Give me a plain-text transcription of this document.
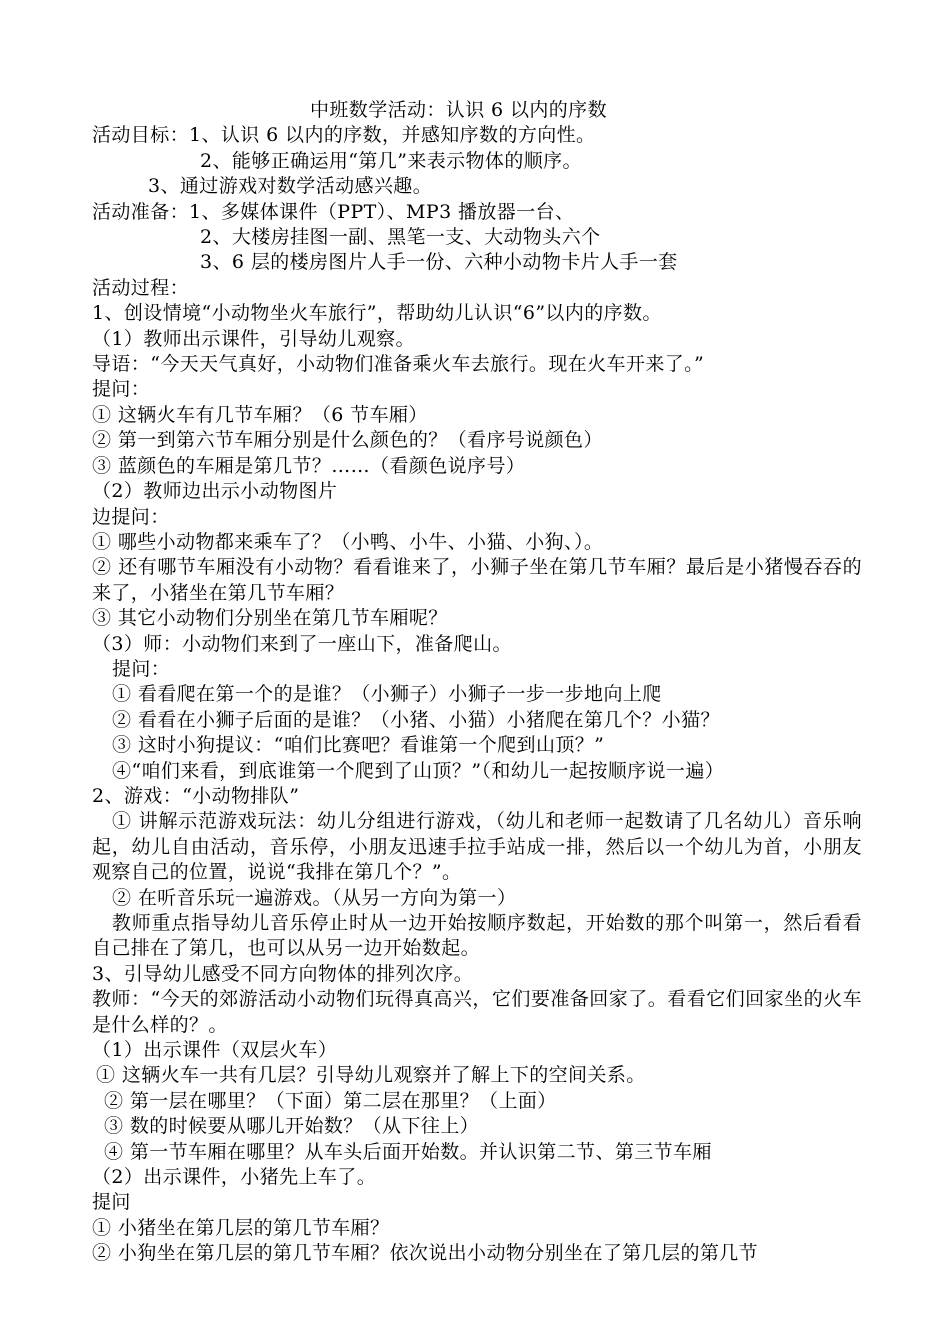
中班数学活动：认识 6 以内的序数
活动目标：1、认识 6 以内的序数，并感知序数的方向性。
2、能够正确运用“第几”来表示物体的顺序。
3、通过游戏对数学活动感兴趣。
活动准备：1、多媒体课件（PPT）、MP3 播放器一台、
2、大楼房挂图一副、黑笔一支、大动物头六个
3、6 层的楼房图片人手一份、六种小动物卡片人手一套
活动过程：
1、创设情境“小动物坐火车旅行”，帮助幼儿认识“6”以内的序数。
（1）教师出示课件，引导幼儿观察。
导语：“今天天气真好，小动物们准备乘火车去旅行。现在火车开来了。”
提问：
① 这辆火车有几节车厢？（6 节车厢）
② 第一到第六节车厢分别是什么颜色的？（看序号说颜色）
③ 蓝颜色的车厢是第几节？……（看颜色说序号）
（2）教师边出示小动物图片
边提问：
① 哪些小动物都来乘车了？（小鸭、小牛、小猫、小狗、）。
② 还有哪节车厢没有小动物？看看谁来了，小狮子坐在第几节车厢？最后是小猪慢吞吞的来了，小猪坐在第几节车厢？
③ 其它小动物们分别坐在第几节车厢呢？
（3）师：小动物们来到了一座山下，准备爬山。
提问：
① 看看爬在第一个的是谁？（小狮子）小狮子一步一步地向上爬
② 看看在小狮子后面的是谁？（小猪、小猫）小猪爬在第几个？小猫？
③ 这时小狗提议：“咱们比赛吧？看谁第一个爬到山顶？”
④“咱们来看，到底谁第一个爬到了山顶？”（和幼儿一起按顺序说一遍）
2、游戏：“小动物排队”
① 讲解示范游戏玩法：幼儿分组进行游戏，（幼儿和老师一起数请了几名幼儿）音乐响起，幼儿自由活动，音乐停，小朋友迅速手拉手站成一排，然后以一个幼儿为首，小朋友观察自己的位置，说说“我排在第几个？”。
② 在听音乐玩一遍游戏。（从另一方向为第一）
教师重点指导幼儿音乐停止时从一边开始按顺序数起，开始数的那个叫第一，然后看看自己排在了第几，也可以从另一边开始数起。
3、引导幼儿感受不同方向物体的排列次序。
教师：“今天的郊游活动小动物们玩得真高兴，它们要准备回家了。看看它们回家坐的火车是什么样的？。
（1）出示课件（双层火车）
① 这辆火车一共有几层？引导幼儿观察并了解上下的空间关系。
② 第一层在哪里？（下面）第二层在那里？（上面）
③ 数的时候要从哪儿开始数？（从下往上）
④ 第一节车厢在哪里？从车头后面开始数。并认识第二节、第三节车厢
（2）出示课件，小猪先上车了。
提问
① 小猪坐在第几层的第几节车厢？
② 小狗坐在第几层的第几节车厢？依次说出小动物分别坐在了第几层的第几节
